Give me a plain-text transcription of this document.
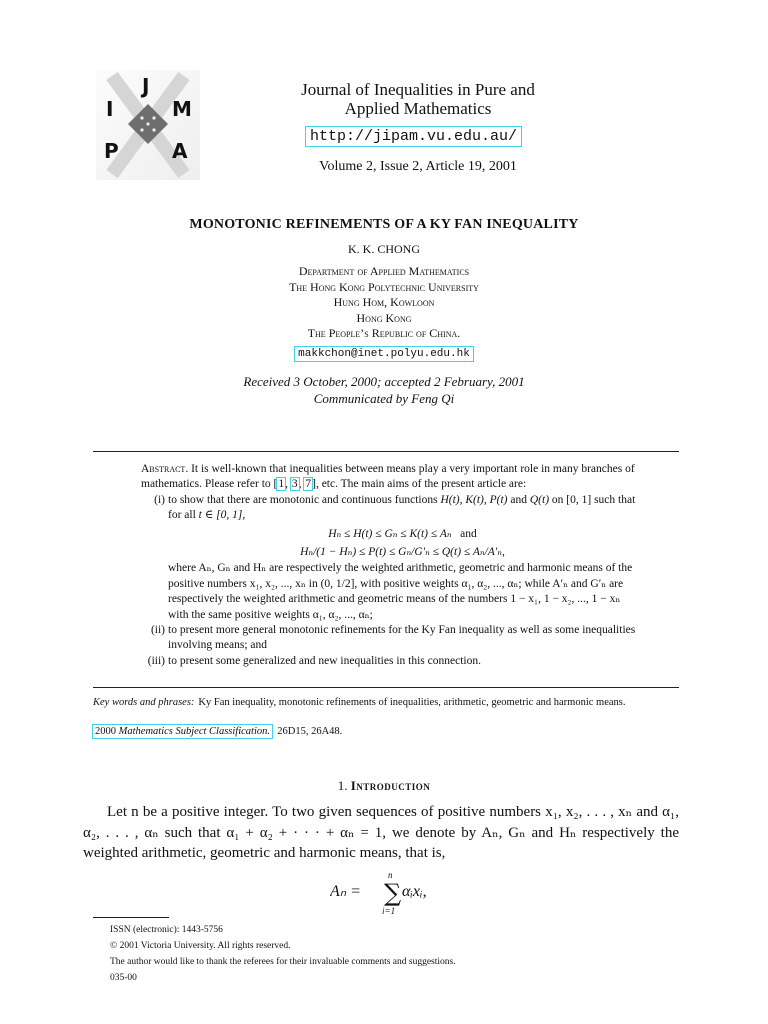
J
I	M
P	A
Journal of Inequalities in Pure and
Applied Mathematics
http://jipam.vu.edu.au/
Volume 2, Issue 2, Article 19, 2001
MONOTONIC REFINEMENTS OF A KY FAN INEQUALITY
K. K. CHONG
Department of Applied Mathematics
The Hong Kong Polytechnic University
Hung Hom, Kowloon
Hong Kong
The People’s Republic of China.
makkchon@inet.polyu.edu.hk
Received 3 October, 2000; accepted 2 February, 2001
Communicated by Feng Qi

Abstract. It is well-known that inequalities between means play a very important role in many branches of mathematics. Please refer to [1, 3, 7], etc. The main aims of the present article are:

(i) to show that there are monotonic and continuous functions H(t), K(t), P(t) and Q(t) on [0, 1] such that for all t ∈ [0, 1],
Hₙ ≤ H(t) ≤ Gₙ ≤ K(t) ≤ Aₙ and
Hₙ/(1 − Hₙ) ≤ P(t) ≤ Gₙ/G′ₙ ≤ Q(t) ≤ Aₙ/A′ₙ,
where Aₙ, Gₙ and Hₙ are respectively the weighted arithmetic, geometric and harmonic means of the positive numbers x₁, x₂, ..., xₙ in (0, 1/2], with positive weights α₁, α₂, ..., αₙ; while A′ₙ and G′ₙ are respectively the weighted arithmetic and geometric means of the numbers 1 − x₁, 1 − x₂, ..., 1 − xₙ with the same positive weights α₁, α₂, ..., αₙ;
(ii) to present more general monotonic refinements for the Ky Fan inequality as well as some inequalities involving means; and
(iii) to present some generalized and new inequalities in this connection.
Key words and phrases: Ky Fan inequality, monotonic refinements of inequalities, arithmetic, geometric and harmonic means.
2000 Mathematics Subject Classification. 26D15, 26A48.
1. Introduction

Let n be a positive integer. To two given sequences of positive numbers x₁, x₂, . . . , xₙ and α₁, α₂, . . . , αₙ such that α₁ + α₂ + · · · + αₙ = 1, we denote by Aₙ, Gₙ and Hₙ respectively the weighted arithmetic, geometric and harmonic means, that is,

Aₙ =
n
∑
i=1
αᵢxᵢ,
ISSN (electronic): 1443-5756
© 2001 Victoria University. All rights reserved.
The author would like to thank the referees for their invaluable comments and suggestions.
035-00
